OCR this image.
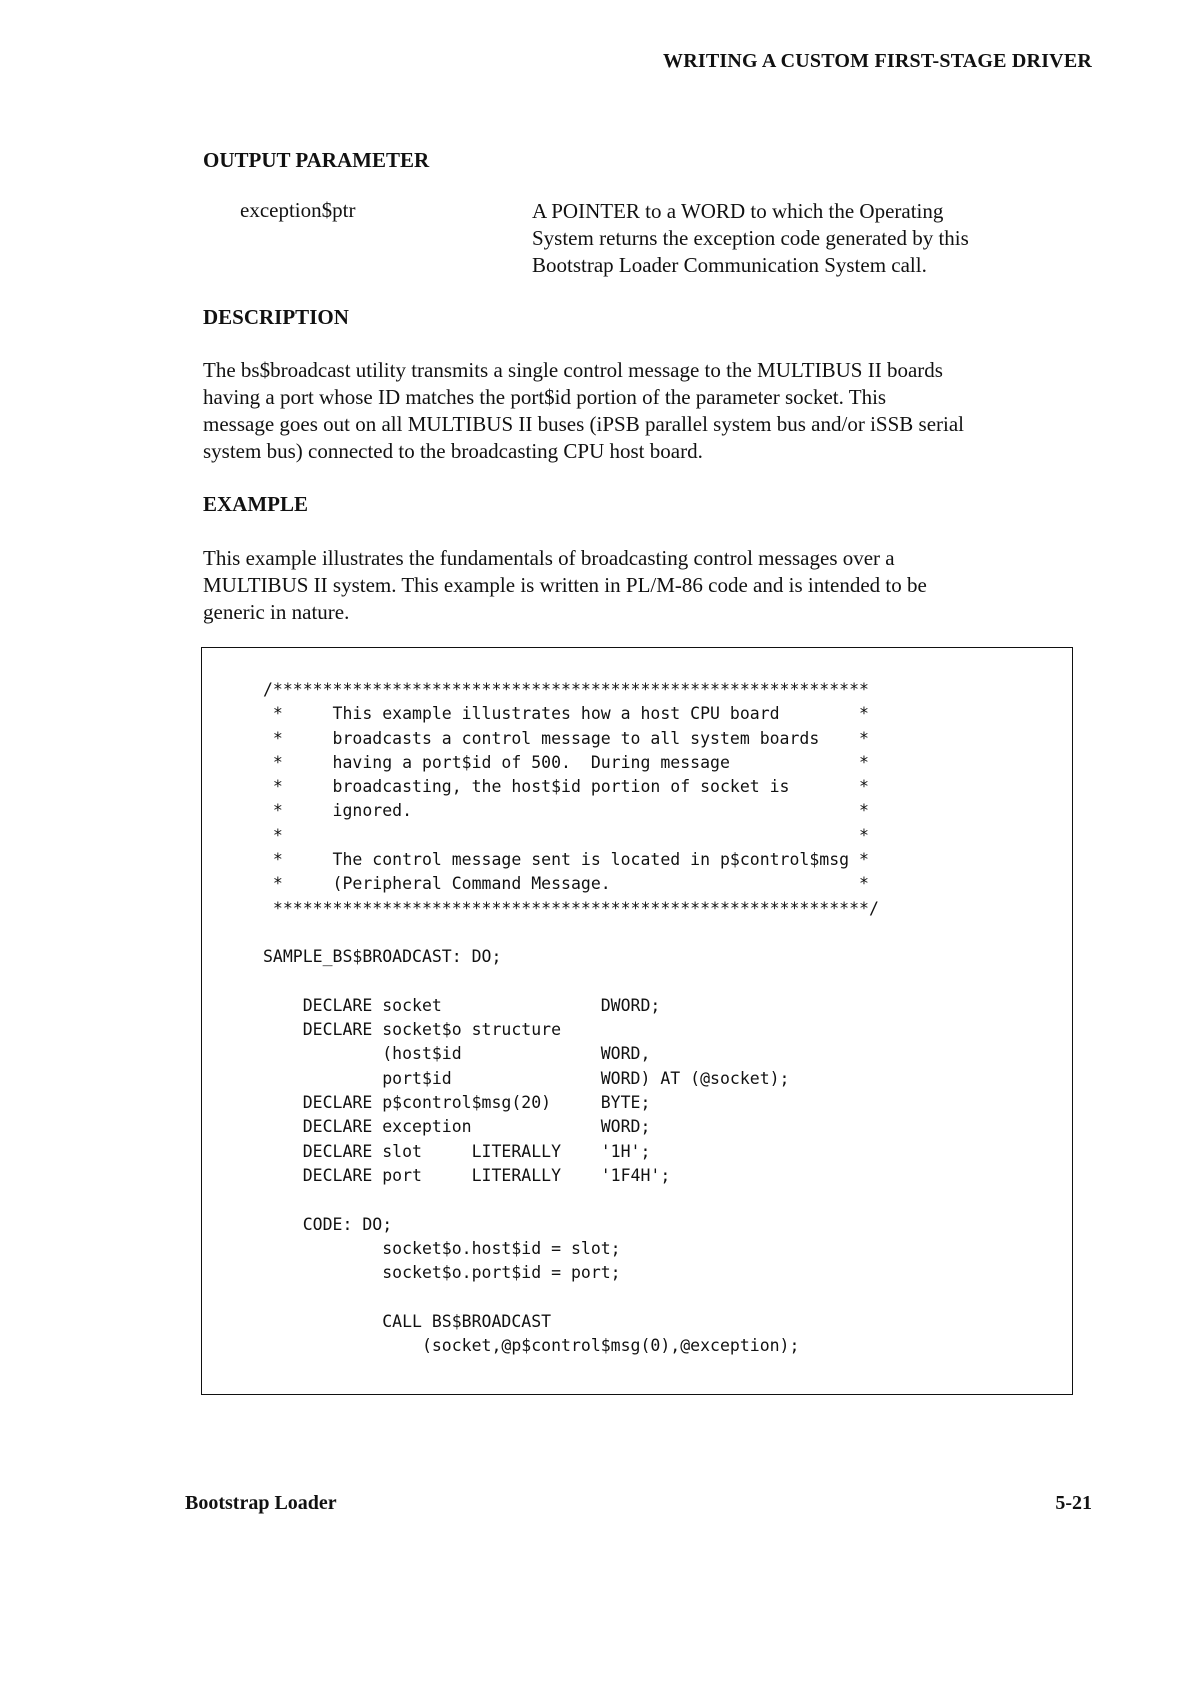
WRITING A CUSTOM FIRST-STAGE DRIVER
OUTPUT PARAMETER
exception$ptr	A POINTER to a WORD to which the Operating
System returns the exception code generated by this
Bootstrap Loader Communication System call.
DESCRIPTION
The bs$broadcast utility transmits a single control message to the MULTIBUS II boards
having a port whose ID matches the port$id portion of the parameter socket. This
message goes out on all MULTIBUS II buses (iPSB parallel system bus and/or iSSB serial
system bus) connected to the broadcasting CPU host board.
EXAMPLE
This example illustrates the fundamentals of broadcasting control messages over a
MULTIBUS II system. This example is written in PL/M-86 code and is intended to be
generic in nature.
/************************************************************
*     This example illustrates how a host CPU board        *
*     broadcasts a control message to all system boards    *
*     having a port$id of 500.  During message             *
*     broadcasting, the host$id portion of socket is       *
*     ignored.                                             *
*                                                          *
*     The control message sent is located in p$control$msg *
*     (Peripheral Command Message.                         *
************************************************************/

SAMPLE_BS$BROADCAST: DO;

DECLARE socket                DWORD;
DECLARE socket$o structure
(host$id              WORD,
port$id               WORD) AT (@socket);
DECLARE p$control$msg(20)     BYTE;
DECLARE exception             WORD;
DECLARE slot     LITERALLY    '1H';
DECLARE port     LITERALLY    '1F4H';

CODE: DO;
socket$o.host$id = slot;
socket$o.port$id = port;

CALL BS$BROADCAST
(socket,@p$control$msg(0),@exception);
Bootstrap Loader	5-21
